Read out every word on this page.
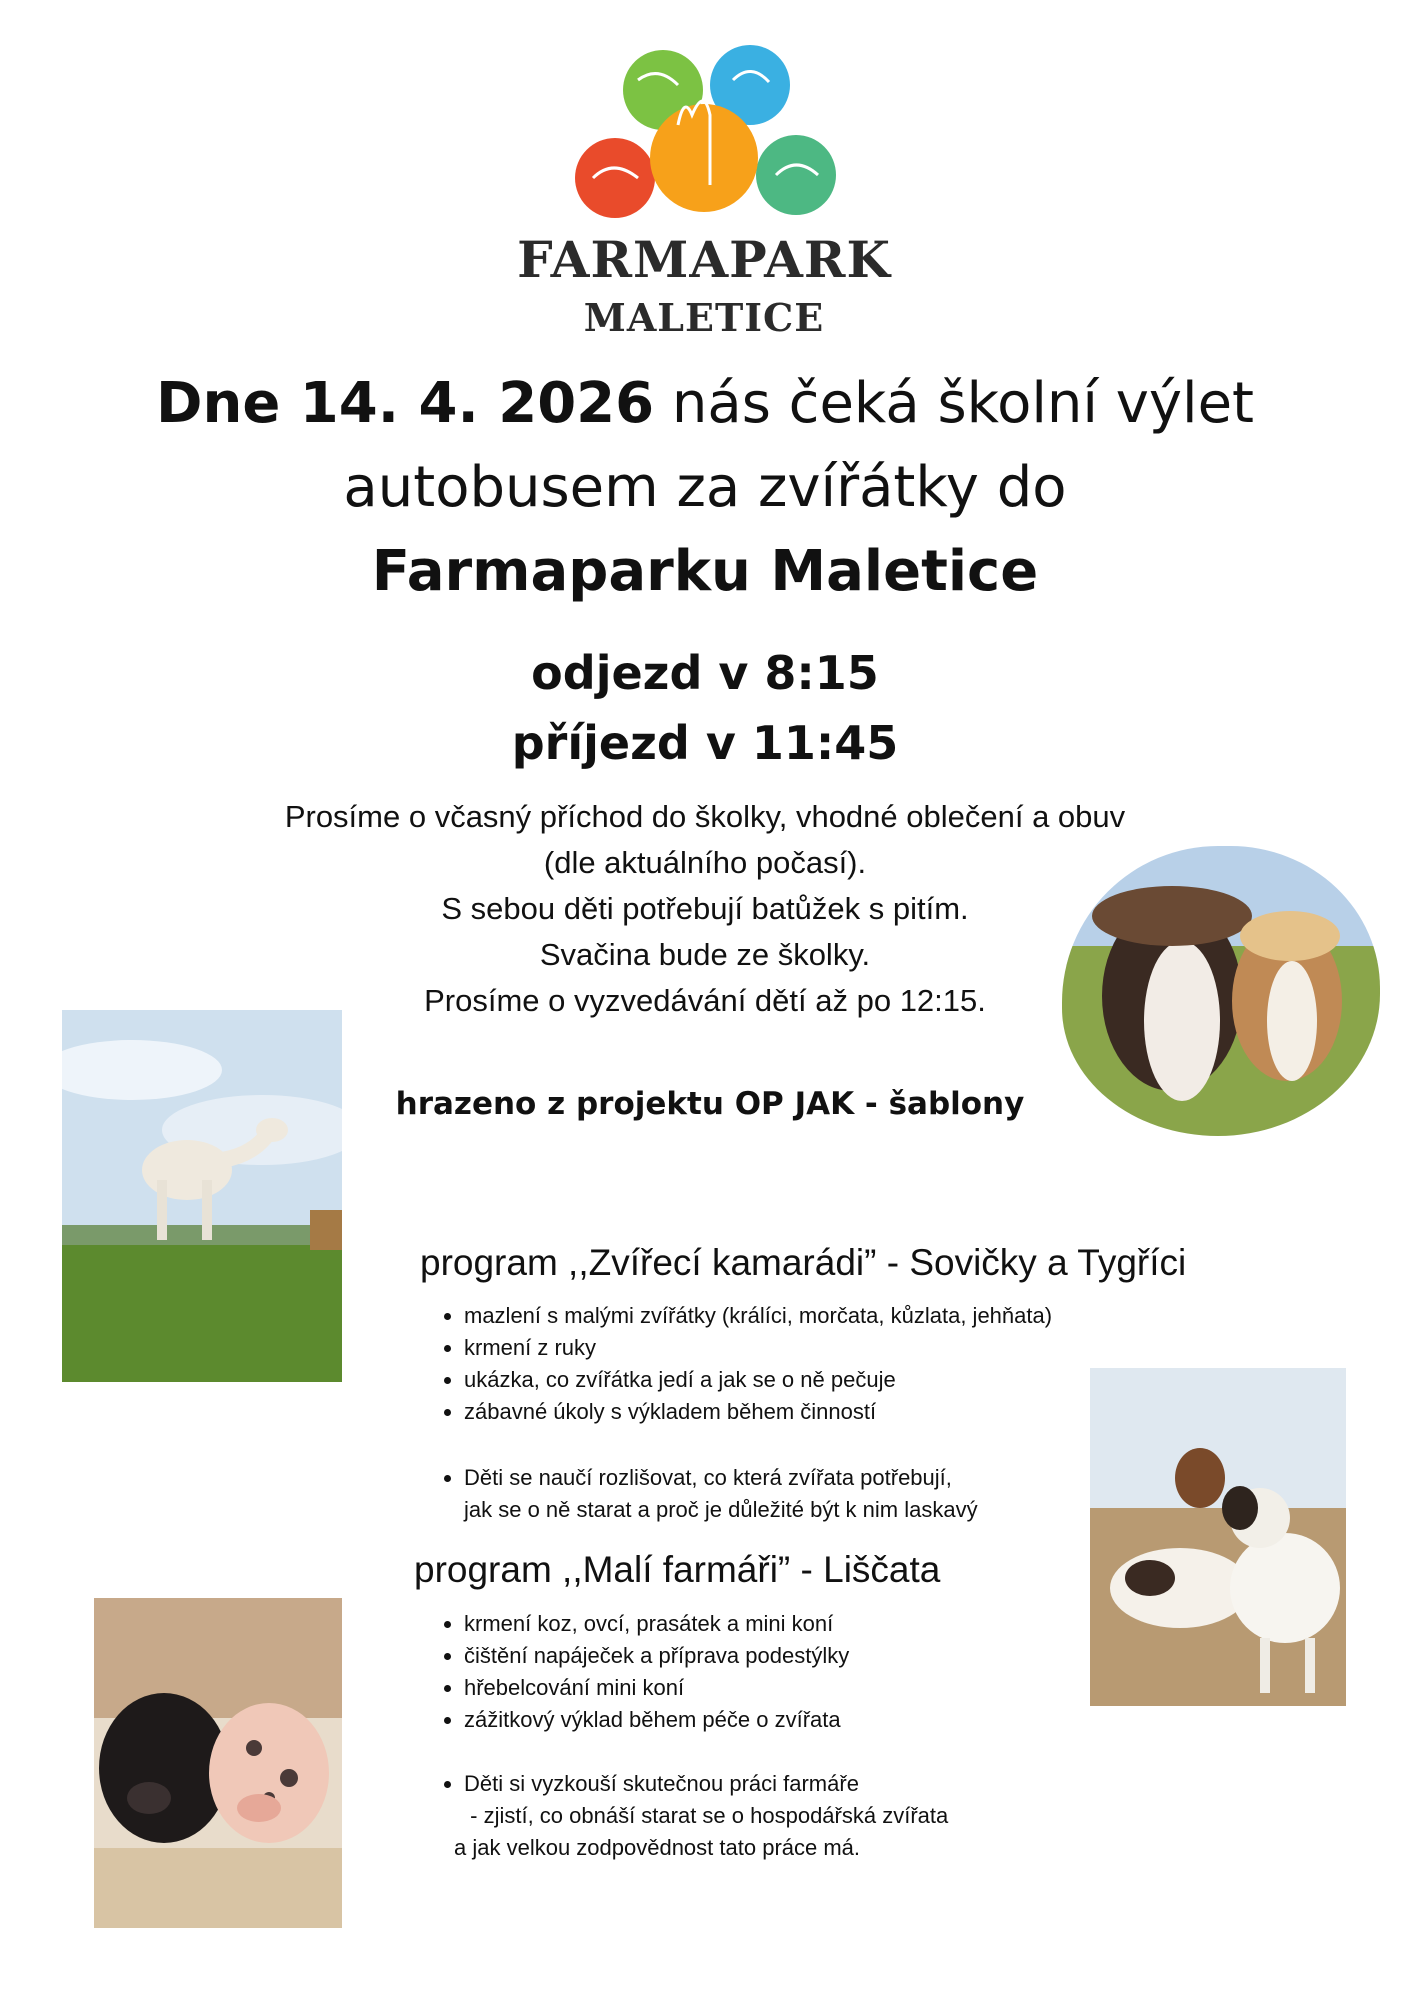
FARMAPARK
MALETICE
Dne 14. 4. 2026 nás čeká školní výlet
autobusem za zvířátky do
Farmaparku Maletice
odjezd v 8:15
příjezd v 11:45
Prosíme o včasný příchod do školky, vhodné oblečení a obuv
(dle aktuálního počasí).
S sebou děti potřebují batůžek s pitím.
Svačina bude ze školky.
Prosíme o vyzvedávání dětí až po 12:15.
hrazeno z projektu OP JAK - šablony
program ,,Zvířecí kamarádi” - Sovičky a Tygříci
• mazlení s malými zvířátky (králíci, morčata, kůzlata, jehňata)
• krmení z ruky
• ukázka, co zvířátka jedí a jak se o ně pečuje
• zábavné úkoly s výkladem během činností
• Děti se naučí rozlišovat, co která zvířata potřebují,
jak se o ně starat a proč je důležité být k nim laskavý
program ,,Malí farmáři” - Liščata
• krmení koz, ovcí, prasátek a mini koní
• čištění napáječek a příprava podestýlky
• hřebelcování mini koní
• zážitkový výklad během péče o zvířata
• Děti si vyzkouší skutečnou práci farmáře
- zjistí, co obnáší starat se o hospodářská zvířata
a jak velkou zodpovědnost tato práce má.
